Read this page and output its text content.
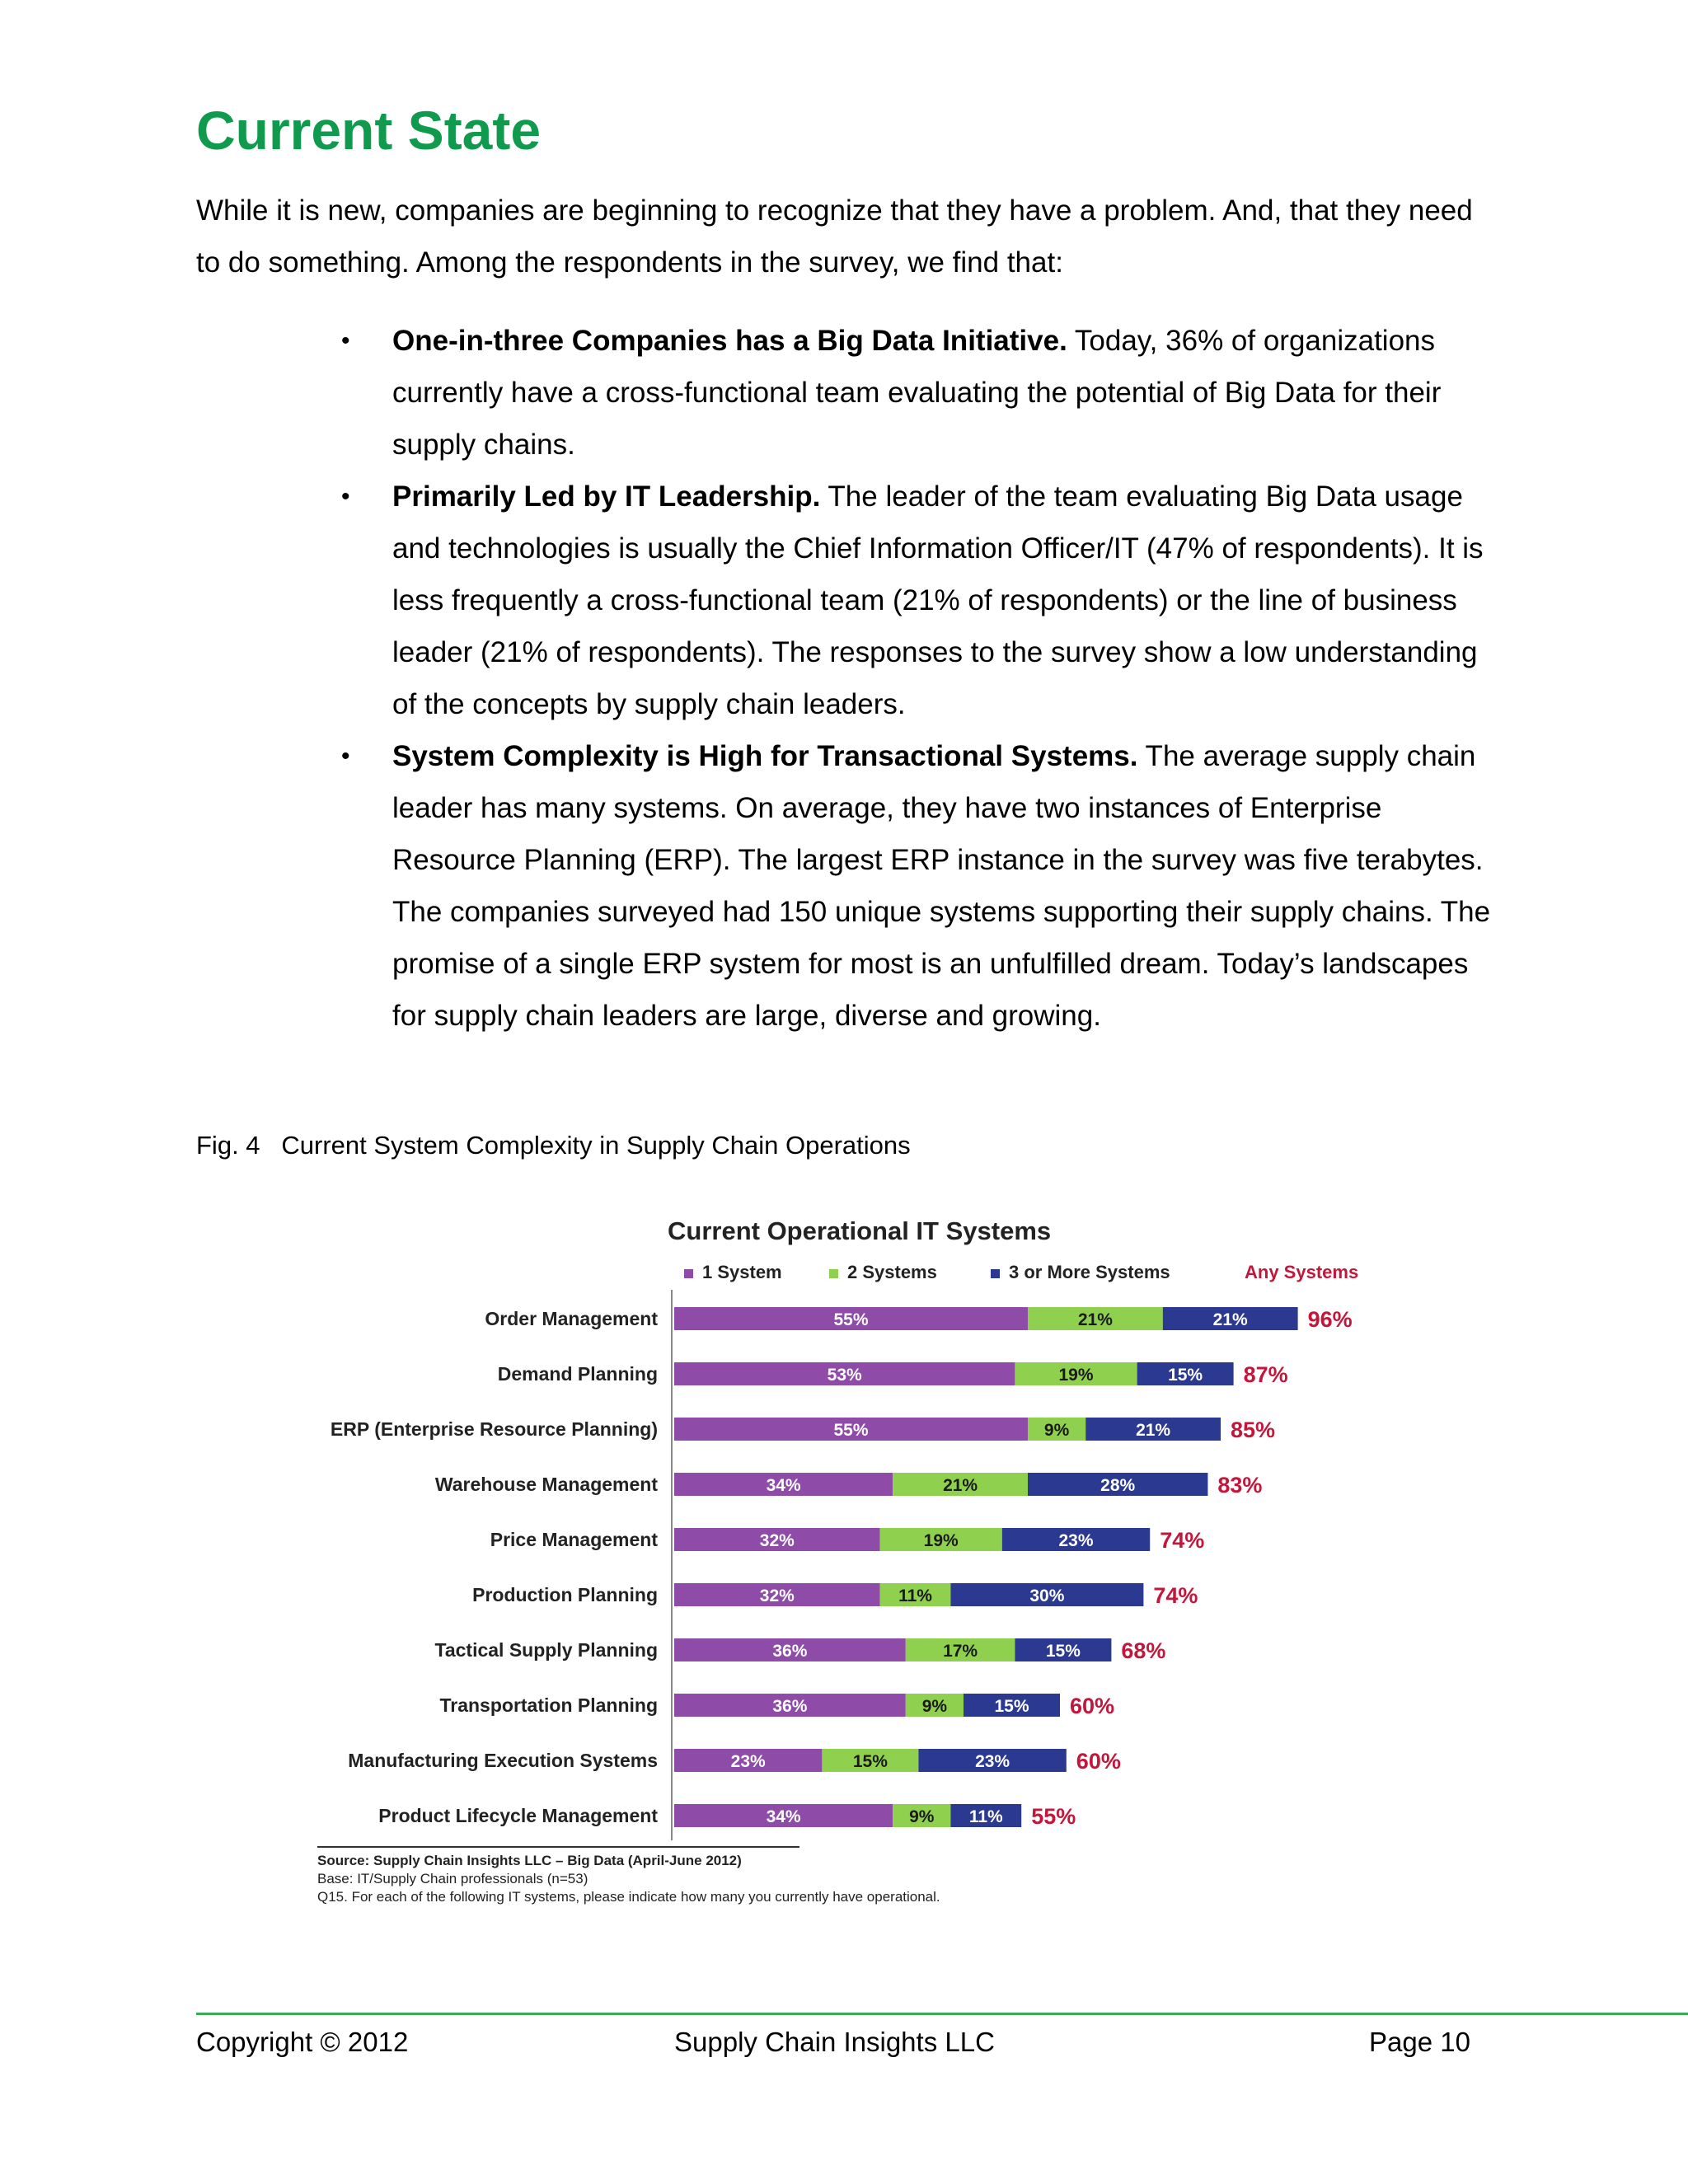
Current State

While it is new, companies are beginning to recognize that they have a problem. And, that they need to do something. Among the respondents in the survey, we find that:

• One-in-three Companies has a Big Data Initiative. Today, 36% of organizations currently have a cross-functional team evaluating the potential of Big Data for their supply chains.
• Primarily Led by IT Leadership. The leader of the team evaluating Big Data usage and technologies is usually the Chief Information Officer/IT (47% of respondents). It is less frequently a cross-functional team (21% of respondents) or the line of business leader (21% of respondents). The responses to the survey show a low understanding of the concepts by supply chain leaders.
• System Complexity is High for Transactional Systems. The average supply chain leader has many systems. On average, they have two instances of Enterprise Resource Planning (ERP). The largest ERP instance in the survey was five terabytes. The companies surveyed had 150 unique systems supporting their supply chains. The promise of a single ERP system for most is an unfulfilled dream. Today’s landscapes for supply chain leaders are large, diverse and growing.
Fig. 4   Current System Complexity in Supply Chain Operations
Current Operational IT Systems
1 System	2 Systems	3 or More Systems	Any Systems
Order Management	55%	21%	21%	96%
Demand Planning	53%	19%	15% 87%
ERP (Enterprise Resource Planning)	55%	9%	21%	85%
Warehouse Management	34%	21%	28%	83%
Price Management	32%	19%	23%	74%
Production Planning	32%	11%	30%	74%
Tactical Supply Planning	36%	17%	15% 68%
Transportation Planning	36%	9%	15% 60%
Manufacturing Execution Systems	23%	15%	23%	60%
Product Lifecycle Management	34%	9% 11% 55%
Source: Supply Chain Insights LLC – Big Data (April-June 2012)
Base: IT/Supply Chain professionals (n=53)
Q15. For each of the following IT systems, please indicate how many you currently have operational.
Copyright © 2012	Supply Chain Insights LLC	Page 10
